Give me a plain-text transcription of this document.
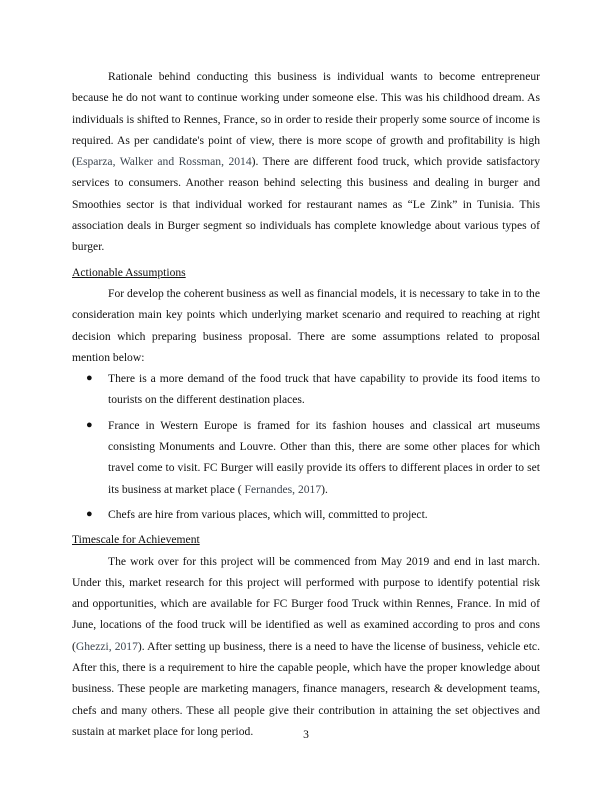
Rationale behind conducting this business is individual wants to become entrepreneur because he do not want to continue working under someone else. This was his childhood dream. As individuals is shifted to Rennes, France, so in order to reside their properly some source of income is required. As per candidate's point of view, there is more scope of growth and profitability is high (Esparza, Walker and Rossman, 2014). There are different food truck, which provide satisfactory services to consumers. Another reason behind selecting this business and dealing in burger and Smoothies sector is that individual worked for restaurant names as “Le Zink” in Tunisia. This association deals in Burger segment so individuals has complete knowledge about various types of burger.

Actionable Assumptions

For develop the coherent business as well as financial models, it is necessary to take in to the consideration main key points which underlying market scenario and required to reaching at right decision which preparing business proposal. There are some assumptions related to proposal mention below:

● There is a more demand of the food truck that have capability to provide its food items to tourists on the different destination places.
● France in Western Europe is framed for its fashion houses and classical art museums consisting Monuments and Louvre. Other than this, there are some other places for which travel come to visit. FC Burger will easily provide its offers to different places in order to set its business at market place ( Fernandes, 2017).
● Chefs are hire from various places, which will, committed to project.

Timescale for Achievement

The work over for this project will be commenced from May 2019 and end in last march. Under this, market research for this project will performed with purpose to identify potential risk and opportunities, which are available for FC Burger food Truck within Rennes, France. In mid of June, locations of the food truck will be identified as well as examined according to pros and cons (Ghezzi, 2017). After setting up business, there is a need to have the license of business, vehicle etc. After this, there is a requirement to hire the capable people, which have the proper knowledge about business. These people are marketing managers, finance managers, research & development teams, chefs and many others. These all people give their contribution in attaining the set objectives and sustain at market place for long period.	3
